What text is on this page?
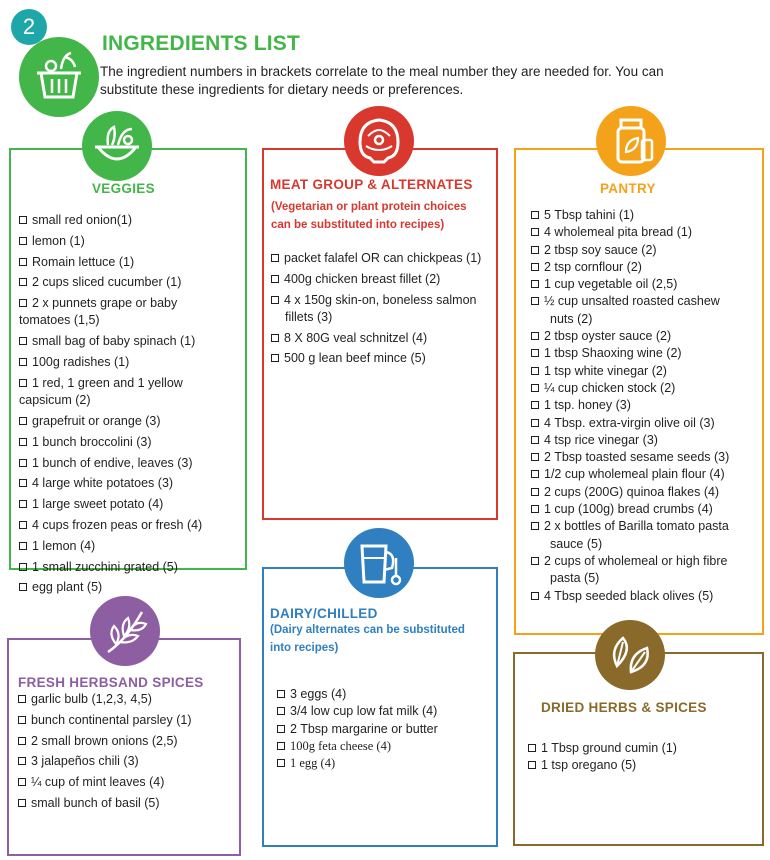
2
INGREDIENTS LIST
The ingredient numbers in brackets correlate to the meal number they are needed for. You can
substitute these ingredients for dietary needs or preferences.
VEGGIES
small red onion(1)
lemon (1)
Romain lettuce (1)
2 cups sliced cucumber (1)
2 x punnets grape or baby
tomatoes (1,5)
small bag of baby spinach (1)
100g radishes (1)
1 red, 1 green and 1 yellow
capsicum (2)
grapefruit or orange (3)
1 bunch broccolini (3)
1 bunch of endive, leaves (3)
4 large white potatoes (3)
1 large sweet potato (4)
4 cups frozen peas or fresh (4)
1 lemon (4)
1 small zucchini grated (5)
egg plant (5)
MEAT GROUP & ALTERNATES
(Vegetarian or plant protein choices
can be substituted into recipes)
packet falafel OR can chickpeas (1)
400g chicken breast fillet (2)
4 x 150g skin-on, boneless salmon
fillets (3)
8 X 80G veal schnitzel (4)
500 g lean beef mince (5)
PANTRY
5 Tbsp tahini (1)
4 wholemeal pita bread (1)
2 tbsp soy sauce (2)
2 tsp cornflour (2)
1 cup vegetable oil (2,5)
½ cup unsalted roasted cashew
nuts (2)
2 tbsp oyster sauce (2)
1 tbsp Shaoxing wine (2)
1 tsp white vinegar (2)
¼ cup chicken stock (2)
1 tsp. honey (3)
4 Tbsp. extra-virgin olive oil (3)
4 tsp rice vinegar (3)
2 Tbsp toasted sesame seeds (3)
1/2 cup wholemeal plain flour (4)
2 cups (200G) quinoa flakes (4)
1 cup (100g) bread crumbs (4)
2 x bottles of Barilla tomato pasta
sauce (5)
2 cups of wholemeal or high fibre
pasta (5)
4 Tbsp seeded black olives (5)
FRESH HERBSAND SPICES
garlic bulb (1,2,3, 4,5)
bunch continental parsley (1)
2 small brown onions (2,5)
3 jalapeños chili (3)
¼ cup of mint leaves (4)
small bunch of basil (5)
DAIRY/CHILLED
(Dairy alternates can be substituted
into recipes)
3 eggs (4)
3/4 low cup low fat milk (4)
2 Tbsp margarine or butter
100g feta cheese (4)
1 egg (4)
DRIED HERBS & SPICES
1 Tbsp ground cumin (1)
1 tsp oregano (5)
